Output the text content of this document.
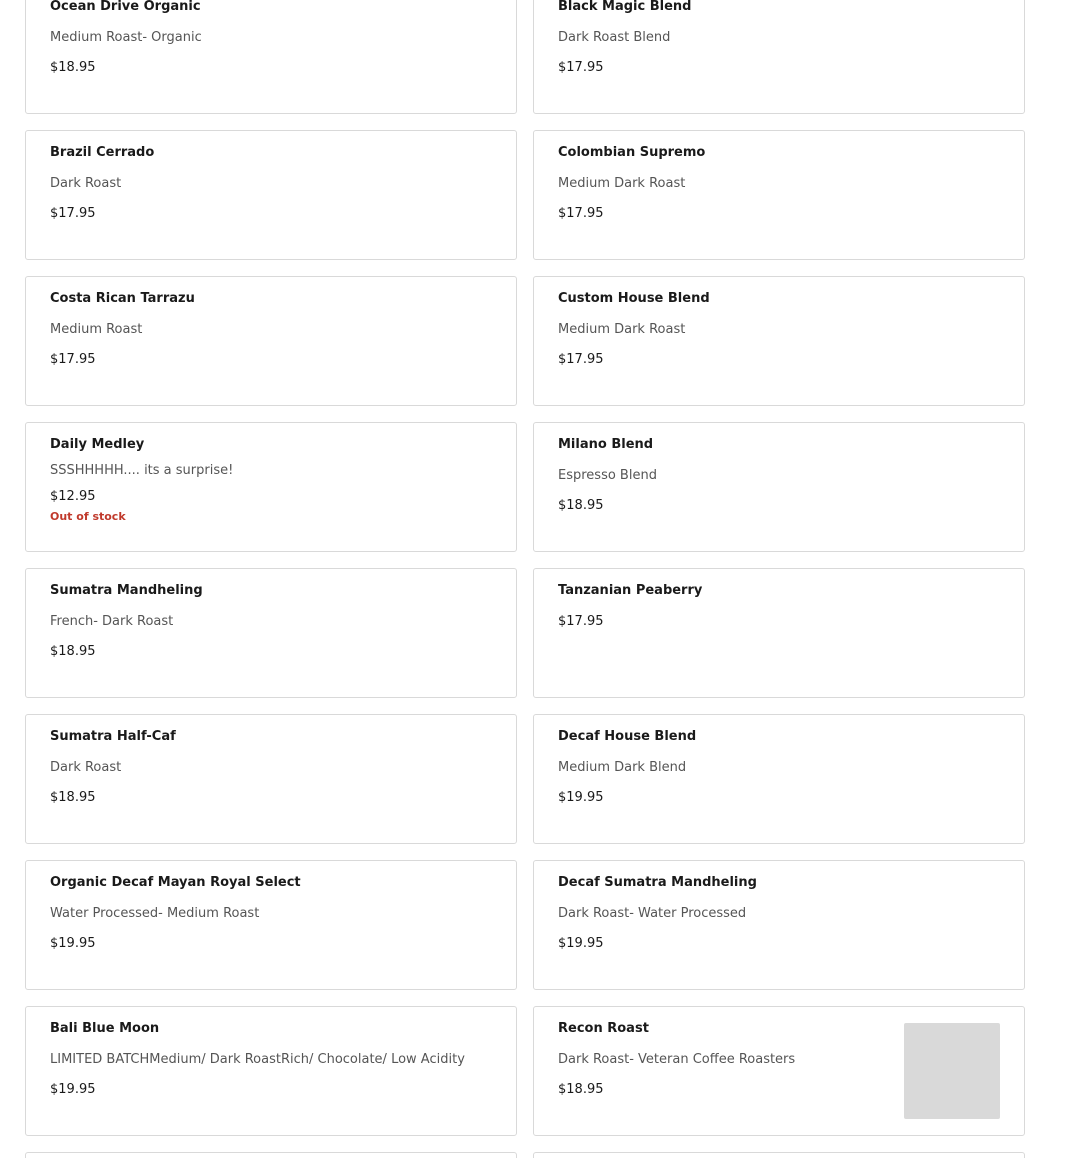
Ocean Drive Organic
Medium Roast- Organic
$18.95
Black Magic Blend
Dark Roast Blend
$17.95
Brazil Cerrado
Dark Roast
$17.95
Colombian Supremo
Medium Dark Roast
$17.95
Costa Rican Tarrazu
Medium Roast
$17.95
Custom House Blend
Medium Dark Roast
$17.95
Daily Medley
SSSHHHHH.... its a surprise!
$12.95
Out of stock
Milano Blend
Espresso Blend
$18.95
Sumatra Mandheling
French- Dark Roast
$18.95
Tanzanian Peaberry
$17.95
Sumatra Half-Caf
Dark Roast
$18.95
Decaf House Blend
Medium Dark Blend
$19.95
Organic Decaf Mayan Royal Select
Water Processed- Medium Roast
$19.95
Decaf Sumatra Mandheling
Dark Roast- Water Processed
$19.95
Bali Blue Moon
LIMITED BATCHMedium/ Dark RoastRich/ Chocolate/ Low Acidity
$19.95
Recon Roast
Dark Roast- Veteran Coffee Roasters
$18.95
